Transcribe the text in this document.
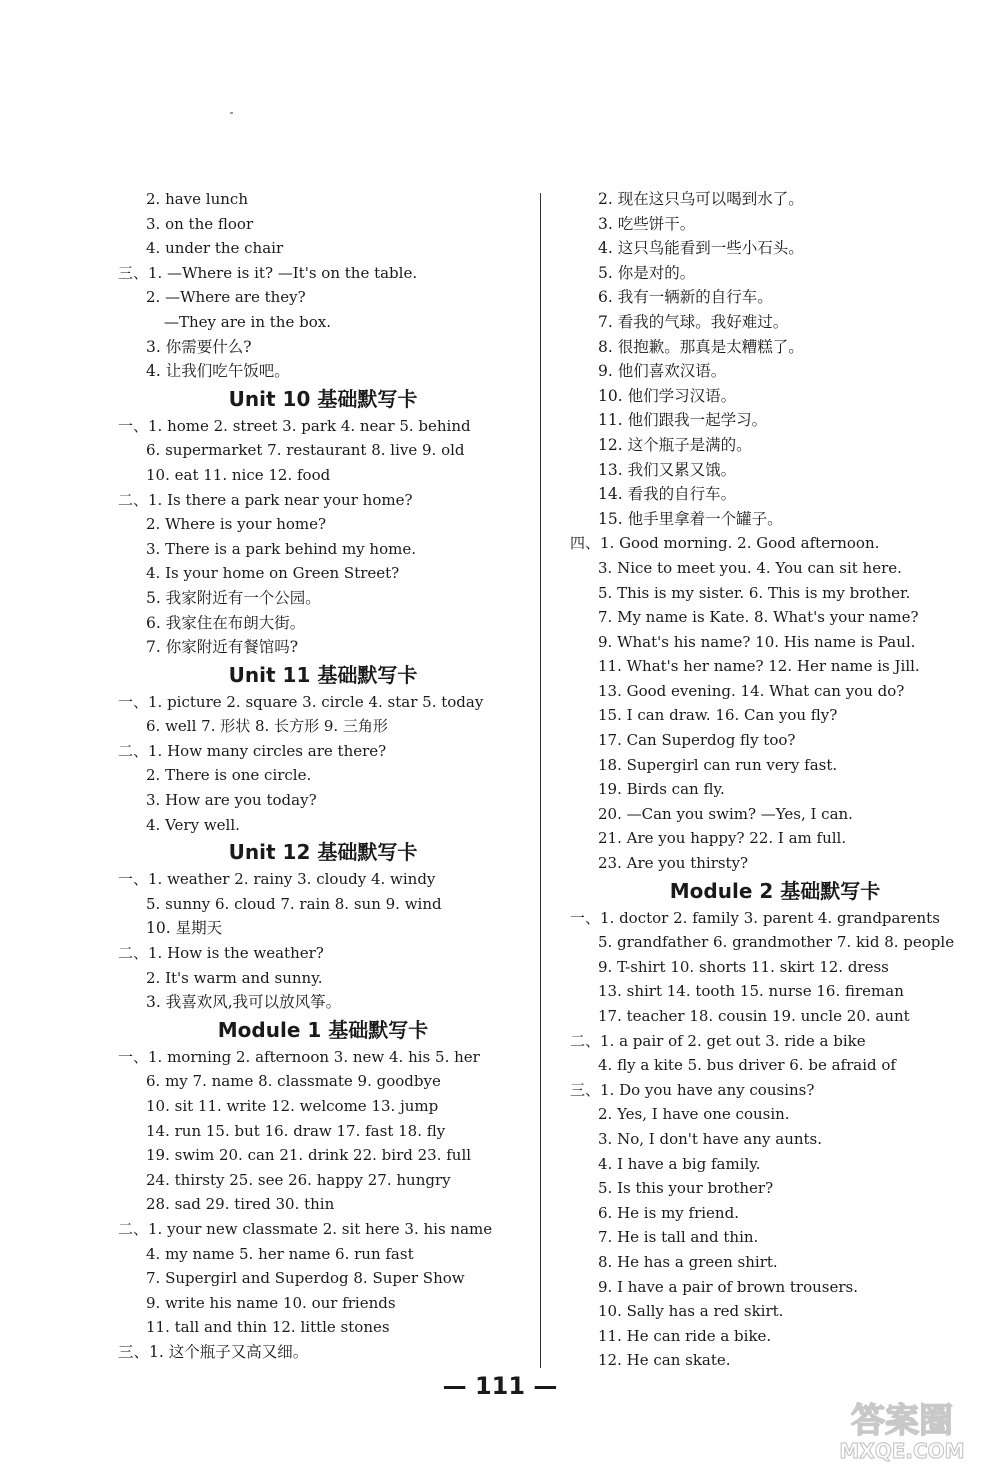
2. have lunch
3. on the floor
4. under the chair
三、1. —Where is it? —It's on the table.
2. —Where are they?
—They are in the box.
3. 你需要什么?
4. 让我们吃午饭吧。
Unit 10 基础默写卡
一、1. home 2. street 3. park 4. near 5. behind
6. supermarket 7. restaurant 8. live 9. old
10. eat 11. nice 12. food
二、1. Is there a park near your home?
2. Where is your home?
3. There is a park behind my home.
4. Is your home on Green Street?
5. 我家附近有一个公园。
6. 我家住在布朗大街。
7. 你家附近有餐馆吗?
Unit 11 基础默写卡
一、1. picture 2. square 3. circle 4. star 5. today
6. well 7. 形状 8. 长方形 9. 三角形
二、1. How many circles are there?
2. There is one circle.
3. How are you today?
4. Very well.
Unit 12 基础默写卡
一、1. weather 2. rainy 3. cloudy 4. windy
5. sunny 6. cloud 7. rain 8. sun 9. wind
10. 星期天
二、1. How is the weather?
2. It's warm and sunny.
3. 我喜欢风,我可以放风筝。
Module 1 基础默写卡
一、1. morning 2. afternoon 3. new 4. his 5. her
6. my 7. name 8. classmate 9. goodbye
10. sit 11. write 12. welcome 13. jump
14. run 15. but 16. draw 17. fast 18. fly
19. swim 20. can 21. drink 22. bird 23. full
24. thirsty 25. see 26. happy 27. hungry
28. sad 29. tired 30. thin
二、1. your new classmate 2. sit here 3. his name
4. my name 5. her name 6. run fast
7. Supergirl and Superdog 8. Super Show
9. write his name 10. our friends
11. tall and thin 12. little stones
三、1. 这个瓶子又高又细。
2. 现在这只乌可以喝到水了。
3. 吃些饼干。
4. 这只鸟能看到一些小石头。
5. 你是对的。
6. 我有一辆新的自行车。
7. 看我的气球。我好难过。
8. 很抱歉。那真是太糟糕了。
9. 他们喜欢汉语。
10. 他们学习汉语。
11. 他们跟我一起学习。
12. 这个瓶子是满的。
13. 我们又累又饿。
14. 看我的自行车。
15. 他手里拿着一个罐子。
四、1. Good morning. 2. Good afternoon.
3. Nice to meet you. 4. You can sit here.
5. This is my sister. 6. This is my brother.
7. My name is Kate. 8. What's your name?
9. What's his name? 10. His name is Paul.
11. What's her name? 12. Her name is Jill.
13. Good evening. 14. What can you do?
15. I can draw. 16. Can you fly?
17. Can Superdog fly too?
18. Supergirl can run very fast.
19. Birds can fly.
20. —Can you swim? —Yes, I can.
21. Are you happy? 22. I am full.
23. Are you thirsty?
Module 2 基础默写卡
一、1. doctor 2. family 3. parent 4. grandparents
5. grandfather 6. grandmother 7. kid 8. people
9. T-shirt 10. shorts 11. skirt 12. dress
13. shirt 14. tooth 15. nurse 16. fireman
17. teacher 18. cousin 19. uncle 20. aunt
二、1. a pair of 2. get out 3. ride a bike
4. fly a kite 5. bus driver 6. be afraid of
三、1. Do you have any cousins?
2. Yes, I have one cousin.
3. No, I don't have any aunts.
4. I have a big family.
5. Is this your brother?
6. He is my friend.
7. He is tall and thin.
8. He has a green shirt.
9. I have a pair of brown trousers.
10. Sally has a red skirt.
11. He can ride a bike.
12. He can skate.
— 111 —
答案圈
MXQE.COM
